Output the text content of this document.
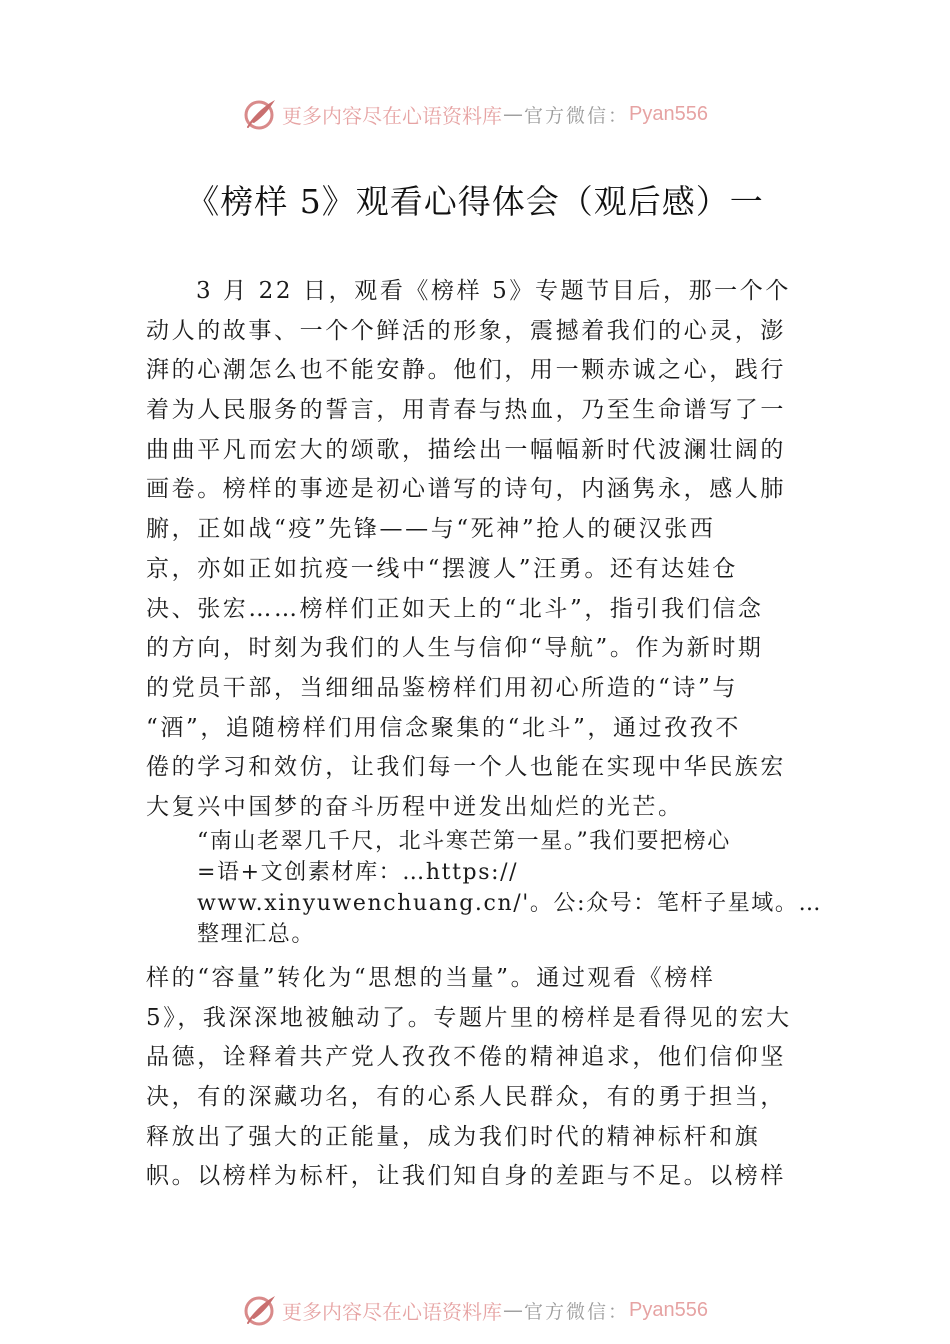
更多内容尽在心语资料库 — 官方微信： Pyan556
《榜样 5》观看心得体会（观后感）一
3 月 22 日，观看《榜样 5》专题节目后，那一个个
动人的故事、一个个鲜活的形象，震撼着我们的心灵，澎
湃的心潮怎么也不能安静。他们，用一颗赤诚之心，践行
着为人民服务的誓言，用青春与热血，乃至生命谱写了一
曲曲平凡而宏大的颂歌，描绘出一幅幅新时代波澜壮阔的
画卷。榜样的事迹是初心谱写的诗句，内涵隽永，感人肺
腑，正如战“疫”先锋——与“死神”抢人的硬汉张西
京，亦如正如抗疫一线中“摆渡人”汪勇。还有达娃仓
决、张宏……榜样们正如天上的“北斗”，指引我们信念
的方向，时刻为我们的人生与信仰“导航”。作为新时期
的党员干部，当细细品鉴榜样们用初心所造的“诗”与
“酒”，追随榜样们用信念聚集的“北斗”，通过孜孜不
倦的学习和效仿，让我们每一个人也能在实现中华民族宏
大复兴中国梦的奋斗历程中迸发出灿烂的光芒。
“南山老翠几千尺，北斗寒芒第一星。”我们要把榜心
=语+文创素材库：…https://
www.xinyuwenchuang.cn/'。公:众号：笔杆子星域。…
整理汇总。
样的“容量”转化为“思想的当量”。通过观看《榜样
5》，我深深地被触动了。专题片里的榜样是看得见的宏大
品德，诠释着共产党人孜孜不倦的精神追求，他们信仰坚
决，有的深藏功名，有的心系人民群众，有的勇于担当，
释放出了强大的正能量，成为我们时代的精神标杆和旗
帜。以榜样为标杆，让我们知自身的差距与不足。以榜样
更多内容尽在心语资料库 — 官方微信： Pyan556
